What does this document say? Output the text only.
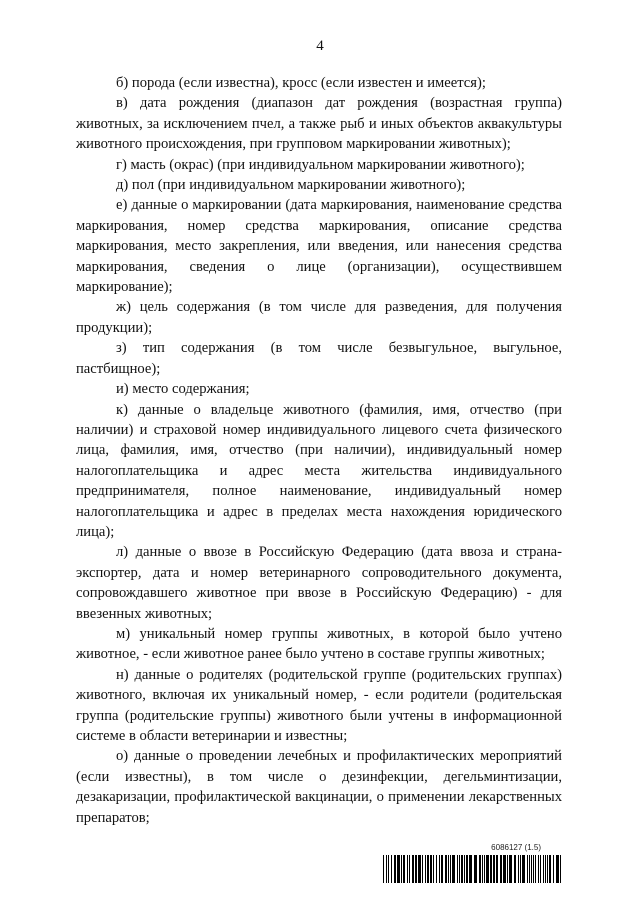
4

б) порода (если известна), кросс (если известен и имеется);

в) дата рождения (диапазон дат рождения (возрастная группа) животных, за исключением пчел, а также рыб и иных объектов аквакультуры животного происхождения, при групповом маркировании животных);

г) масть (окрас) (при индивидуальном маркировании животного);

д) пол (при индивидуальном маркировании животного);

е) данные о маркировании (дата маркирования, наименование средства маркирования, номер средства маркирования, описание средства маркирования, место закрепления, или введения, или нанесения средства маркирования, сведения о лице (организации), осуществившем маркирование);

ж) цель содержания (в том числе для разведения, для получения продукции);

з) тип содержания (в том числе безвыгульное, выгульное, пастбищное);

и) место содержания;

к) данные о владельце животного (фамилия, имя, отчество (при наличии) и страховой номер индивидуального лицевого счета физического лица, фамилия, имя, отчество (при наличии), индивидуальный номер налогоплательщика и адрес места жительства индивидуального предпринимателя, полное наименование, индивидуальный номер налогоплательщика и адрес в пределах места нахождения юридического лица);

л) данные о ввозе в Российскую Федерацию (дата ввоза и страна-экспортер, дата и номер ветеринарного сопроводительного документа, сопровождавшего животное при ввозе в Российскую Федерацию) - для ввезенных животных;

м) уникальный номер группы животных, в которой было учтено животное, - если животное ранее было учтено в составе группы животных;

н) данные о родителях (родительской группе (родительских группах) животного, включая их уникальный номер, - если родители (родительская группа (родительские группы) животного были учтены в информационной системе в области ветеринарии и известны;

о) данные о проведении лечебных и профилактических мероприятий (если известны), в том числе о дезинфекции, дегельминтизации, дезакаризации, профилактической вакцинации, о применении лекарственных препаратов;

6086127 (1.5)
